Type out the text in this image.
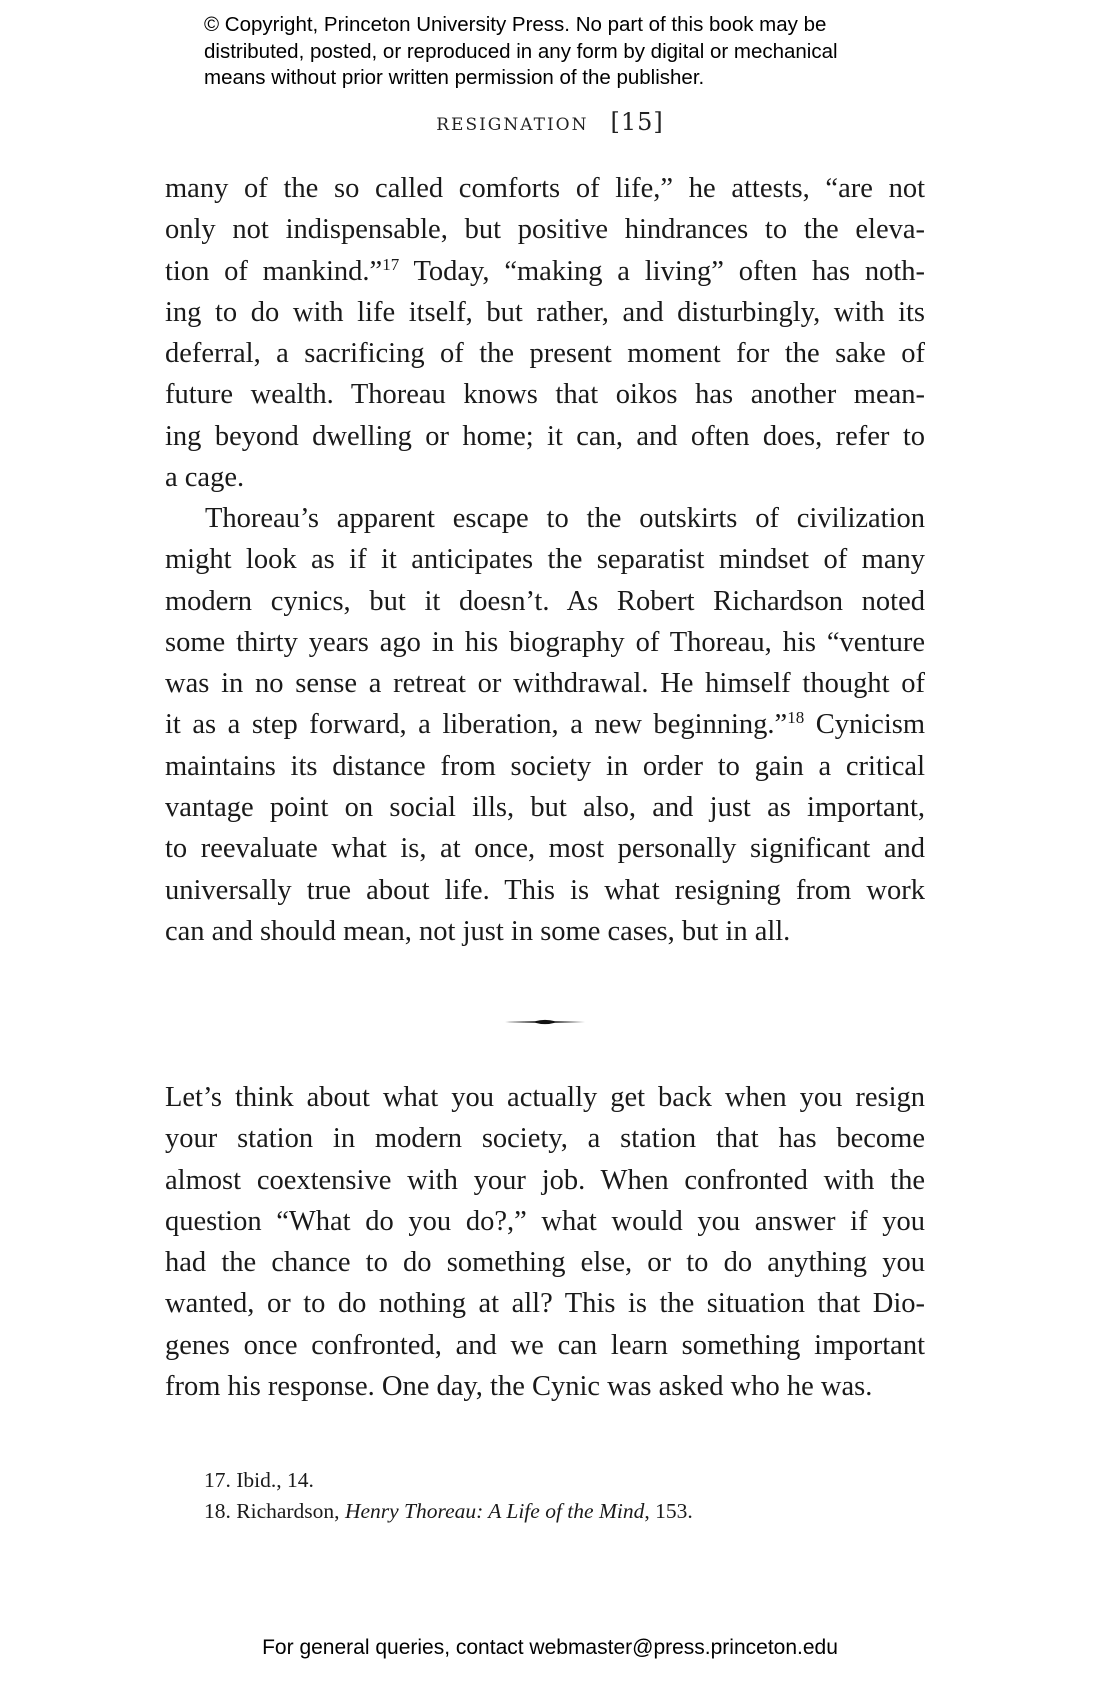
© Copyright, Princeton University Press. No part of this book may be
distributed, posted, or reproduced in any form by digital or mechanical
means without prior written permission of the publisher.
RESIGNATION [15]
many of the so called comforts of life,” he attests, “are not
only not indispensable, but positive hindrances to the eleva-
tion of mankind.”$^{17}$ Today, “making a living” often has noth-
ing to do with life itself, but rather, and disturbingly, with its
deferral, a sacrificing of the present moment for the sake of
future wealth. Thoreau knows that oikos has another mean-
ing beyond dwelling or home; it can, and often does, refer to
a cage.
Thoreau’s apparent escape to the outskirts of civilization
might look as if it anticipates the separatist mindset of many
modern cynics, but it doesn’t. As Robert Richardson noted
some thirty years ago in his biography of Thoreau, his “venture
was in no sense a retreat or withdrawal. He himself thought of
it as a step forward, a liberation, a new beginning.”$^{18}$ Cynicism
maintains its distance from society in order to gain a critical
vantage point on social ills, but also, and just as important,
to reevaluate what is, at once, most personally significant and
universally true about life. This is what resigning from work
can and should mean, not just in some cases, but in all.
Let’s think about what you actually get back when you resign
your station in modern society, a station that has become
almost coextensive with your job. When confronted with the
question “What do you do?,” what would you answer if you
had the chance to do something else, or to do anything you
wanted, or to do nothing at all? This is the situation that Dio-
genes once confronted, and we can learn something important
from his response. One day, the Cynic was asked who he was.
17. Ibid., 14.
18. Richardson, Henry Thoreau: A Life of the Mind, 153.
For general queries, contact webmaster@press.princeton.edu
